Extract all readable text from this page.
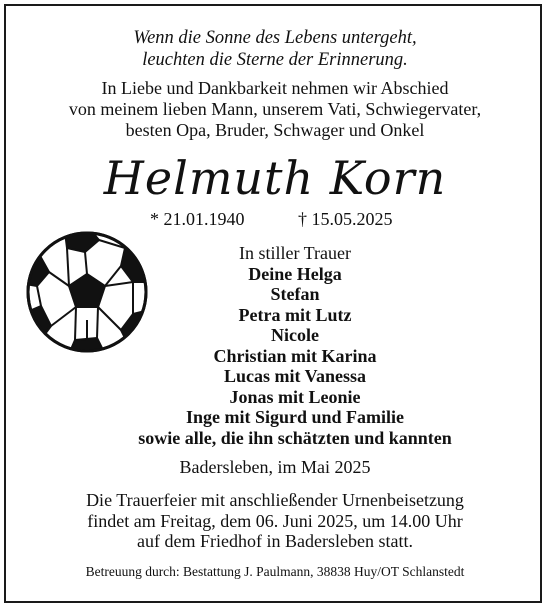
Wenn die Sonne des Lebens untergeht,
leuchten die Sterne der Erinnerung.
In Liebe und Dankbarkeit nehmen wir Abschied
von meinem lieben Mann, unserem Vati, Schwiegervater,
besten Opa, Bruder, Schwager und Onkel
Helmuth Korn
* 21.01.1940	† 15.05.2025
In stiller Trauer
Deine Helga
Stefan
Petra mit Lutz
Nicole
Christian mit Karina
Lucas mit Vanessa
Jonas mit Leonie
Inge mit Sigurd und Familie
sowie alle, die ihn schätzten und kannten
Badersleben, im Mai 2025
Die Trauerfeier mit anschließender Urnenbeisetzung
findet am Freitag, dem 06. Juni 2025, um 14.00 Uhr
auf dem Friedhof in Badersleben statt.
Betreuung durch: Bestattung J. Paulmann, 38838 Huy/OT Schlanstedt
